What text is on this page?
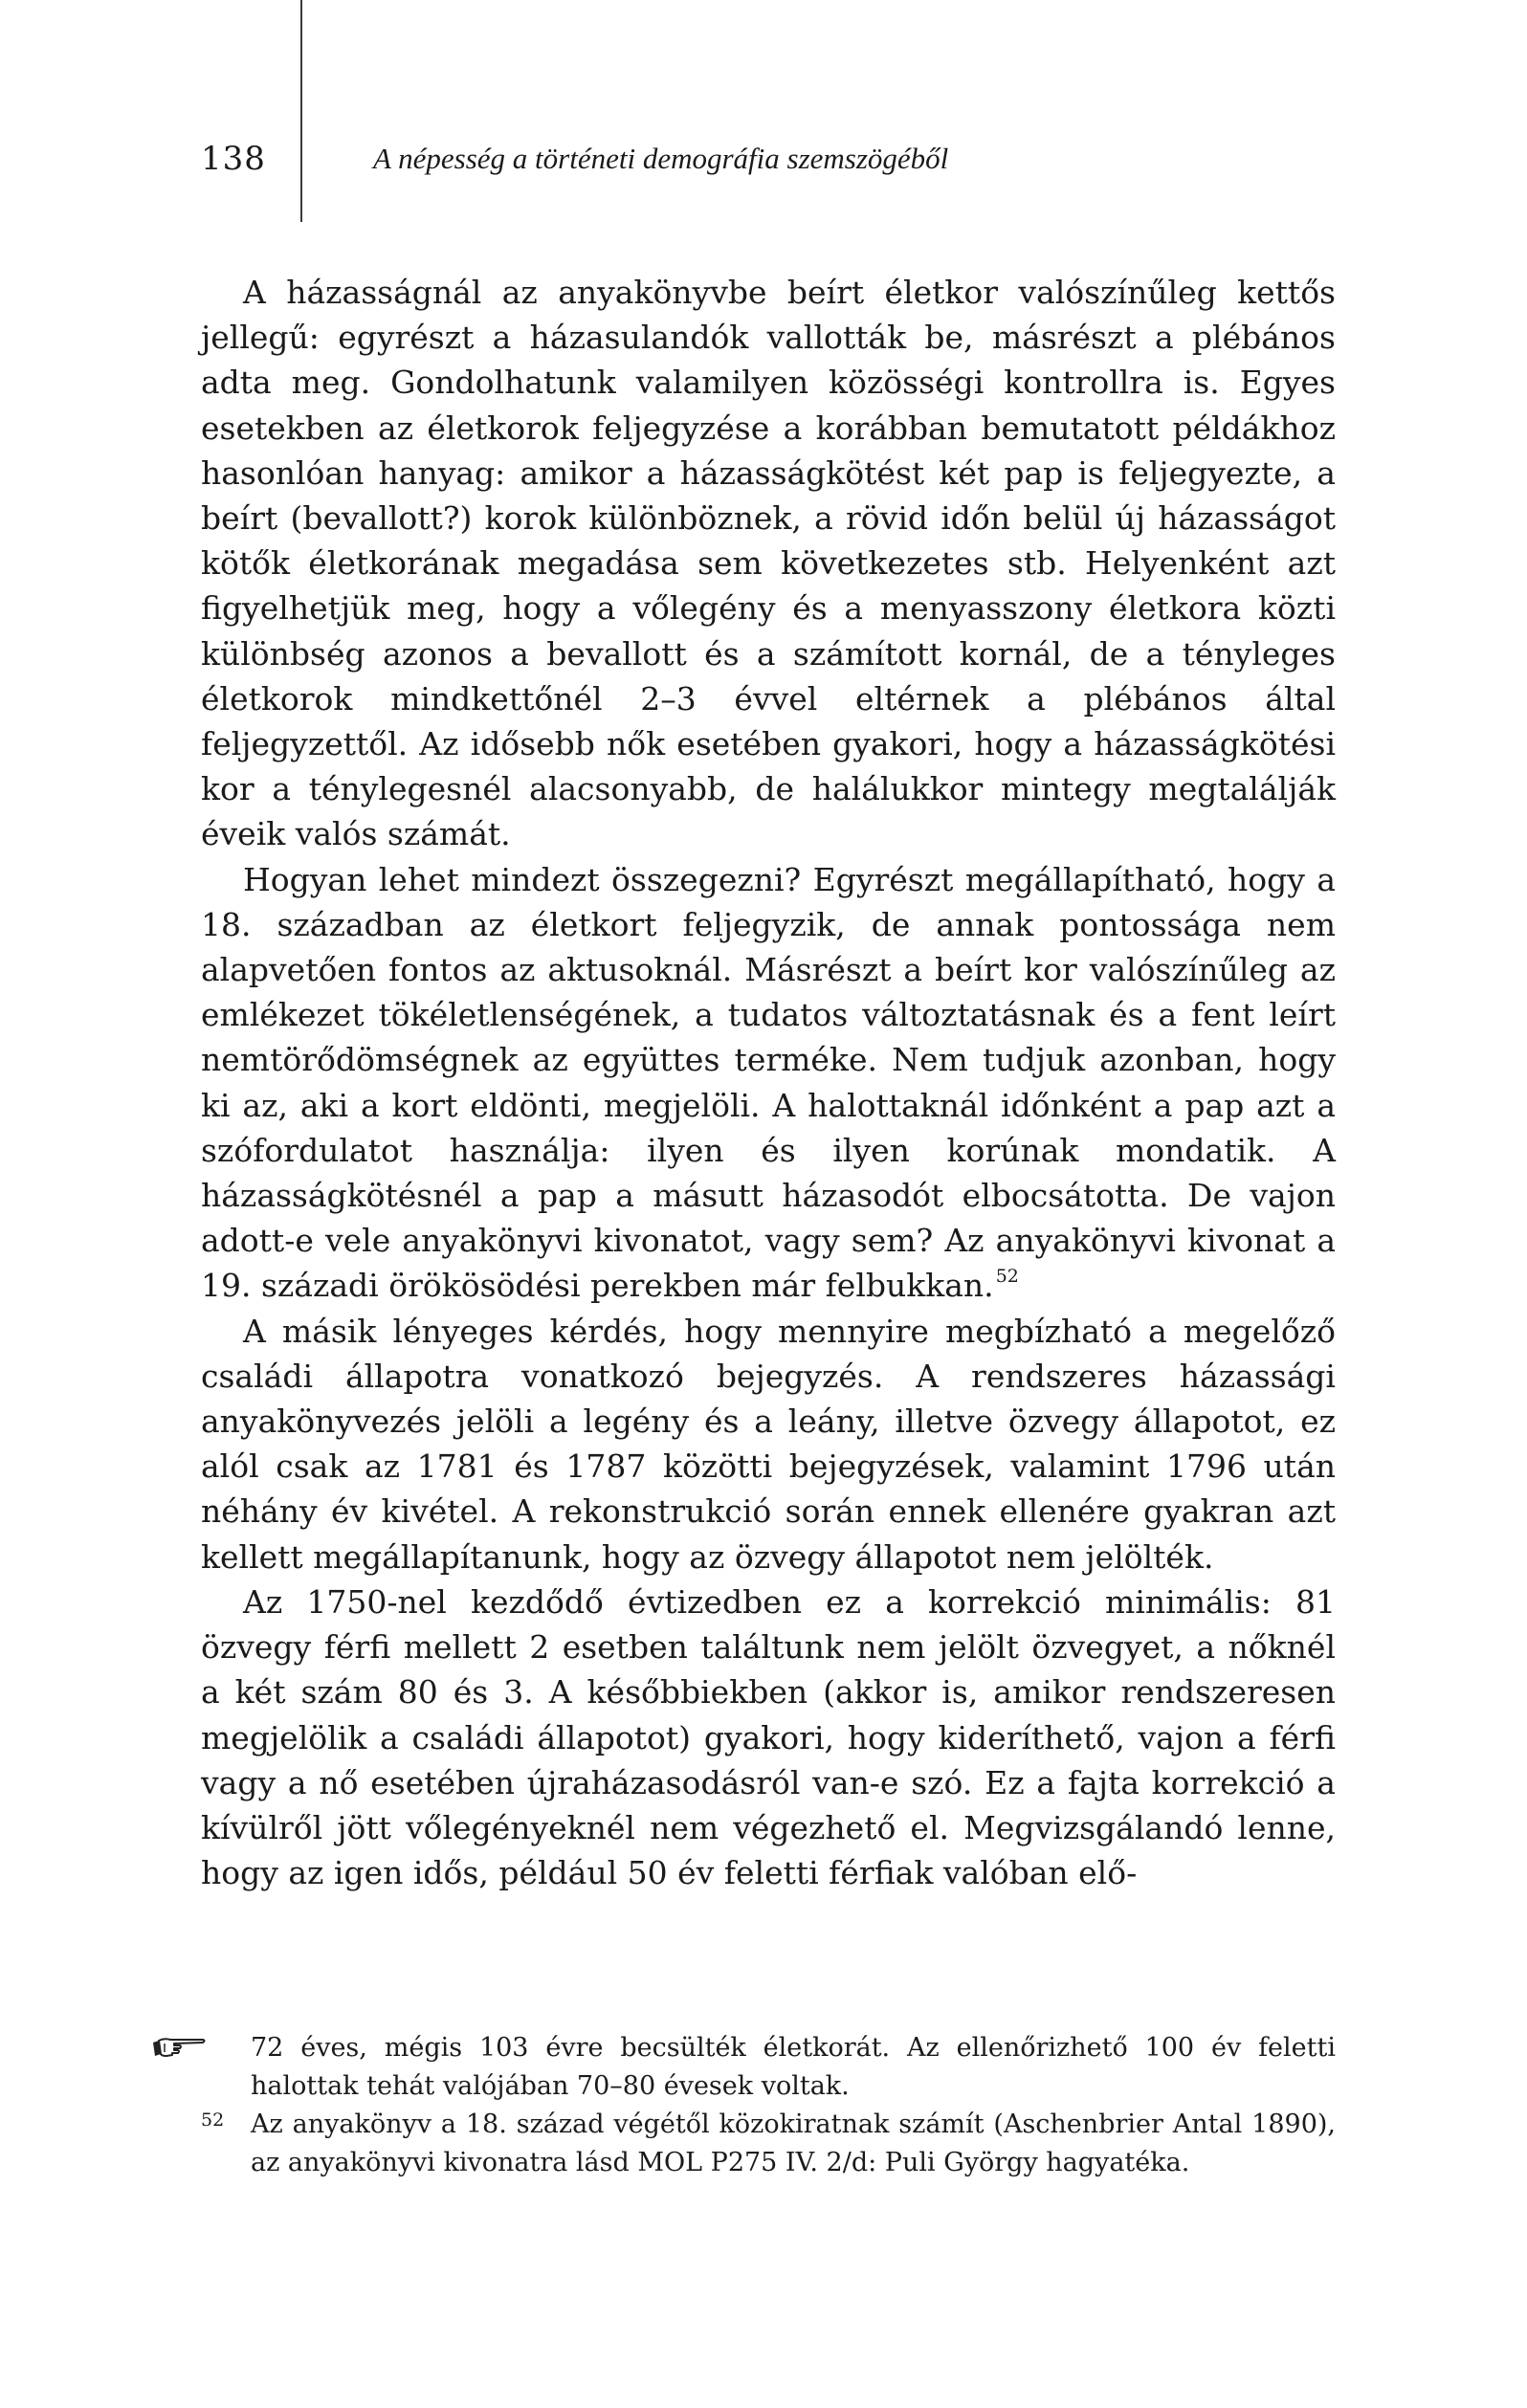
138	A népesség a történeti demográfia szemszögéből

A házasságnál az anyakönyvbe beírt életkor valószínűleg kettős jellegű: egyrészt a házasulandók vallották be, másrészt a plébános adta meg. Gondolhatunk valamilyen közösségi kontrollra is. Egyes esetekben az életkorok feljegyzése a korábban bemutatott példákhoz hasonlóan hanyag: amikor a házasságkötést két pap is feljegyezte, a beírt (bevallott?) korok különböznek, a rövid időn belül új házasságot kötők életkorának megadása sem következetes stb. Helyenként azt figyelhetjük meg, hogy a vőlegény és a menyasszony életkora közti különbség azonos a bevallott és a számított kornál, de a tényleges életkorok mindkettőnél 2–3 évvel eltérnek a plébános által feljegyzettől. Az idősebb nők esetében gyakori, hogy a házasságkötési kor a ténylegesnél alacsonyabb, de halálukkor mintegy megtalálják éveik valós számát.

Hogyan lehet mindezt összegezni? Egyrészt megállapítható, hogy a 18. században az életkort feljegyzik, de annak pontossága nem alapvetően fontos az aktusoknál. Másrészt a beírt kor valószínűleg az emlékezet tökéletlenségének, a tudatos változtatásnak és a fent leírt nemtörődömségnek az együttes terméke. Nem tudjuk azonban, hogy ki az, aki a kort eldönti, megjelöli. A halottaknál időnként a pap azt a szófordulatot használja: ilyen és ilyen korúnak mondatik. A házasságkötésnél a pap a másutt házasodót elbocsátotta. De vajon adott-e vele anyakönyvi kivonatot, vagy sem? Az anyakönyvi kivonat a 19. századi örökösödési perekben már felbukkan. $^{52}$

A másik lényeges kérdés, hogy mennyire megbízható a megelőző családi állapotra vonatkozó bejegyzés. A rendszeres házassági anyakönyvezés jelöli a legény és a leány, illetve özvegy állapotot, ez alól csak az 1781 és 1787 közötti bejegyzések, valamint 1796 után néhány év kivétel. A rekonstrukció során ennek ellenére gyakran azt kellett megállapítanunk, hogy az özvegy állapotot nem jelölték.

Az 1750-nel kezdődő évtizedben ez a korrekció minimális: 81 özvegy férfi mellett 2 esetben találtunk nem jelölt özvegyet, a nőknél a két szám 80 és 3. A későbbiekben (akkor is, amikor rendszeresen megjelölik a családi állapotot) gyakori, hogy kideríthető, vajon a férfi vagy a nő esetében újraházasodásról van-e szó. Ez a fajta korrekció a kívülről jött vőlegényeknél nem végezhető el. Megvizsgálandó lenne, hogy az igen idős, például 50 év feletti férfiak valóban elő-

72 éves, mégis 103 évre becsülték életkorát. Az ellenőrizhető 100 év feletti halottak tehát valójában 70–80 évesek voltak.
52 Az anyakönyv a 18. század végétől közokiratnak számít (Aschenbrier Antal 1890), az anyakönyvi kivonatra lásd MOL P275 IV. 2/d: Puli György hagyatéka.
